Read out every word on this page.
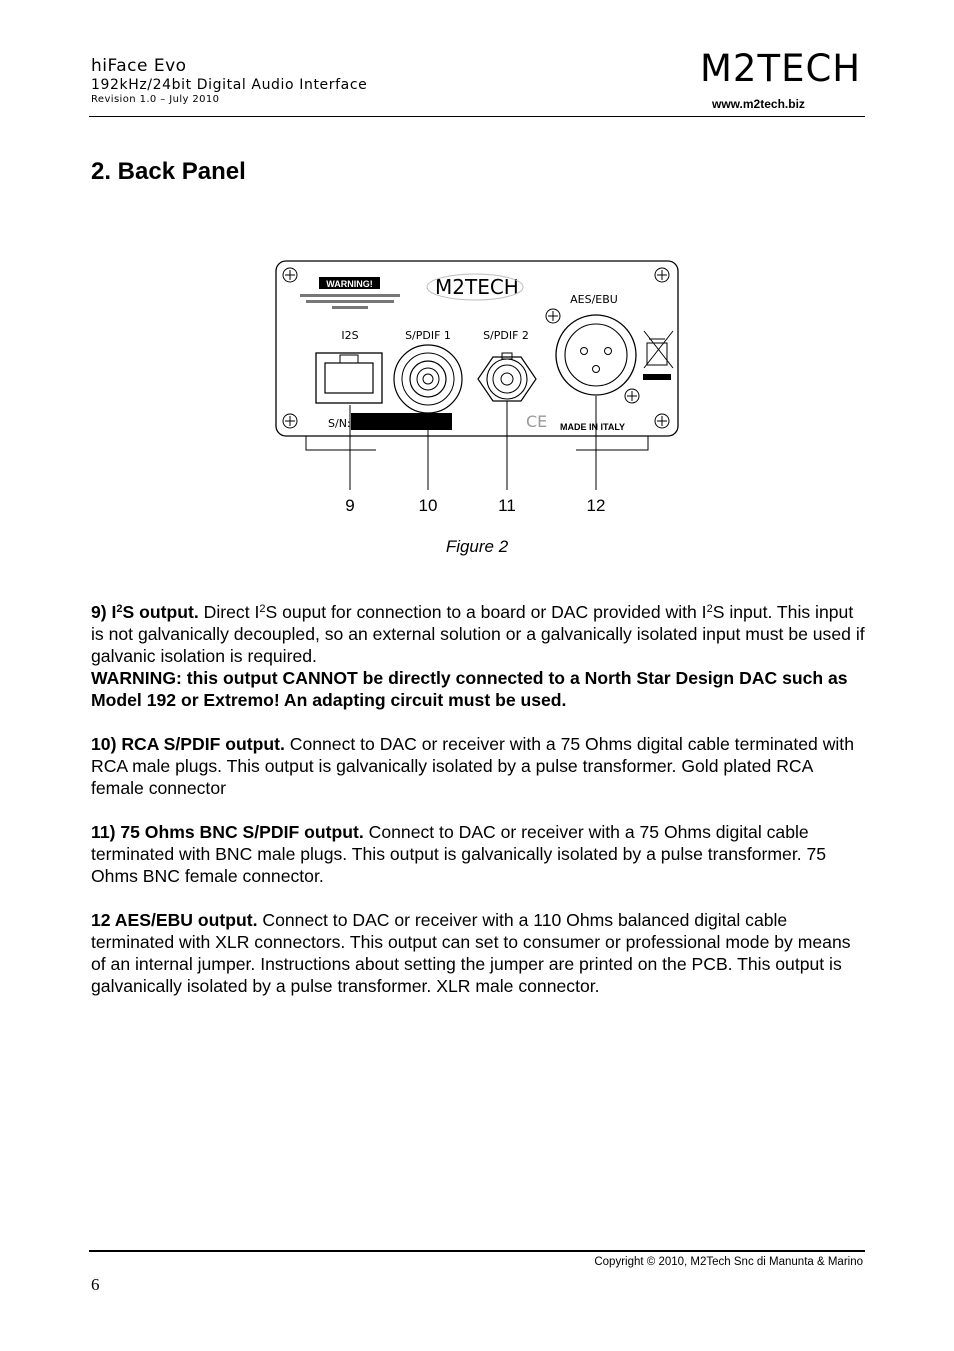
hiFace Evo
192kHz/24bit Digital Audio Interface
Revision 1.0 – July 2010
M2TECH
www.m2tech.biz
2. Back Panel
WARNING!	M2TECH
I2S	S/PDIF 1	S/PDIF 2
AES/EBU
S/N:	CE MADE IN ITALY
9	10	11	12
Figure 2

9) $I^2S$ output. Direct $I^2S$ ouput for connection to a board or DAC provided with $I^2S$ input. This input is not galvanically decoupled, so an external solution or a galvanically isolated input must be used if galvanic isolation is required.
WARNING: this output CANNOT be directly connected to a North Star Design DAC such as Model 192 or Extremo! An adapting circuit must be used.

10) RCA S/PDIF output. Connect to DAC or receiver with a 75 Ohms digital cable terminated with RCA male plugs. This output is galvanically isolated by a pulse transformer. Gold plated RCA female connector

11) 75 Ohms BNC S/PDIF output. Connect to DAC or receiver with a 75 Ohms digital cable terminated with BNC male plugs. This output is galvanically isolated by a pulse transformer. 75 Ohms BNC female connector.

12 AES/EBU output. Connect to DAC or receiver with a 110 Ohms balanced digital cable terminated with XLR connectors. This output can set to consumer or professional mode by means of an internal jumper. Instructions about setting the jumper are printed on the PCB. This output is galvanically isolated by a pulse transformer. XLR male connector.

Copyright © 2010, M2Tech Snc di Manunta & Marino
6
